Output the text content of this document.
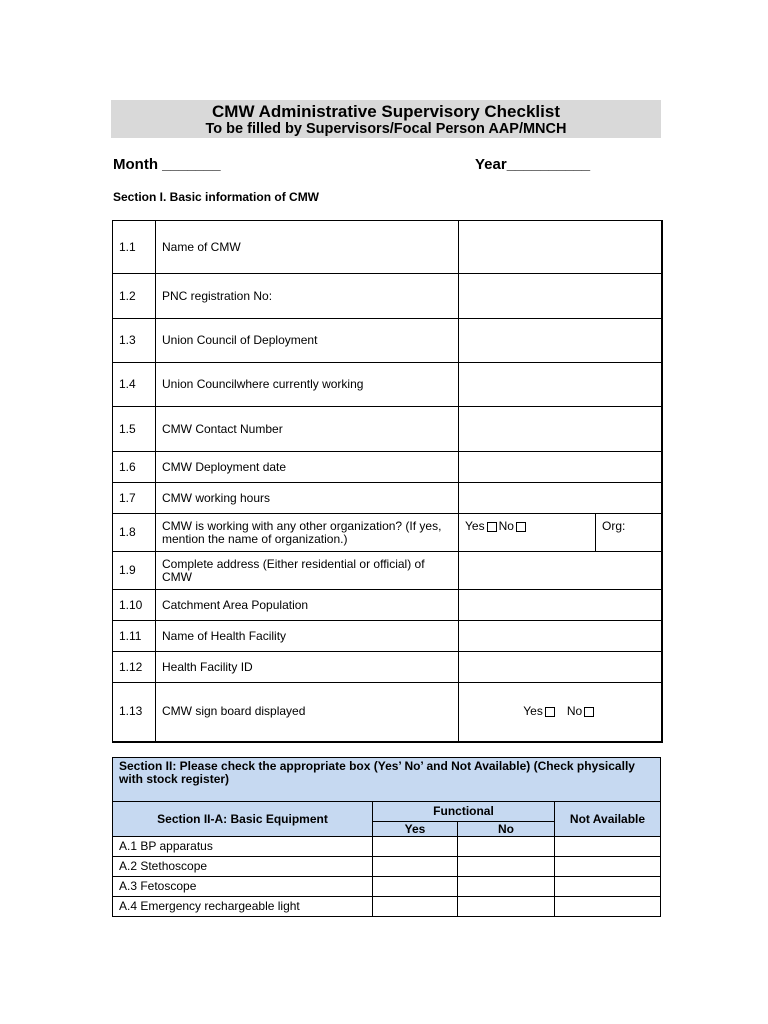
CMW Administrative Supervisory Checklist
To be filled by Supervisors/Focal Person AAP/MNCH
Month _______	Year__________
Section I. Basic information of CMW
1.1	Name of CMW		
1.2	PNC registration No:		
1.3	Union Council of Deployment		
1.4	Union Councilwhere currently working		
1.5	CMW Contact Number		
1.6	CMW Deployment date		
1.7	CMW working hours		
1.8	CMW is working with any other organization? (If yes, mention the name of organization.)	Yes No	Org:
1.9	Complete address (Either residential or official) of CMW		
1.10	Catchment Area Population		
1.11	Name of Health Facility		
1.12	Health Facility ID		
1.13	CMW sign board displayed	Yes No	
Section II: Please check the appropriate box (Yes’ No’ and Not Available) (Check physically with stock register)			
Section II-A: Basic Equipment	Functional		Not Available
	Yes	No	
A.1 BP apparatus			
A.2 Stethoscope			
A.3 Fetoscope			
A.4 Emergency rechargeable light			
